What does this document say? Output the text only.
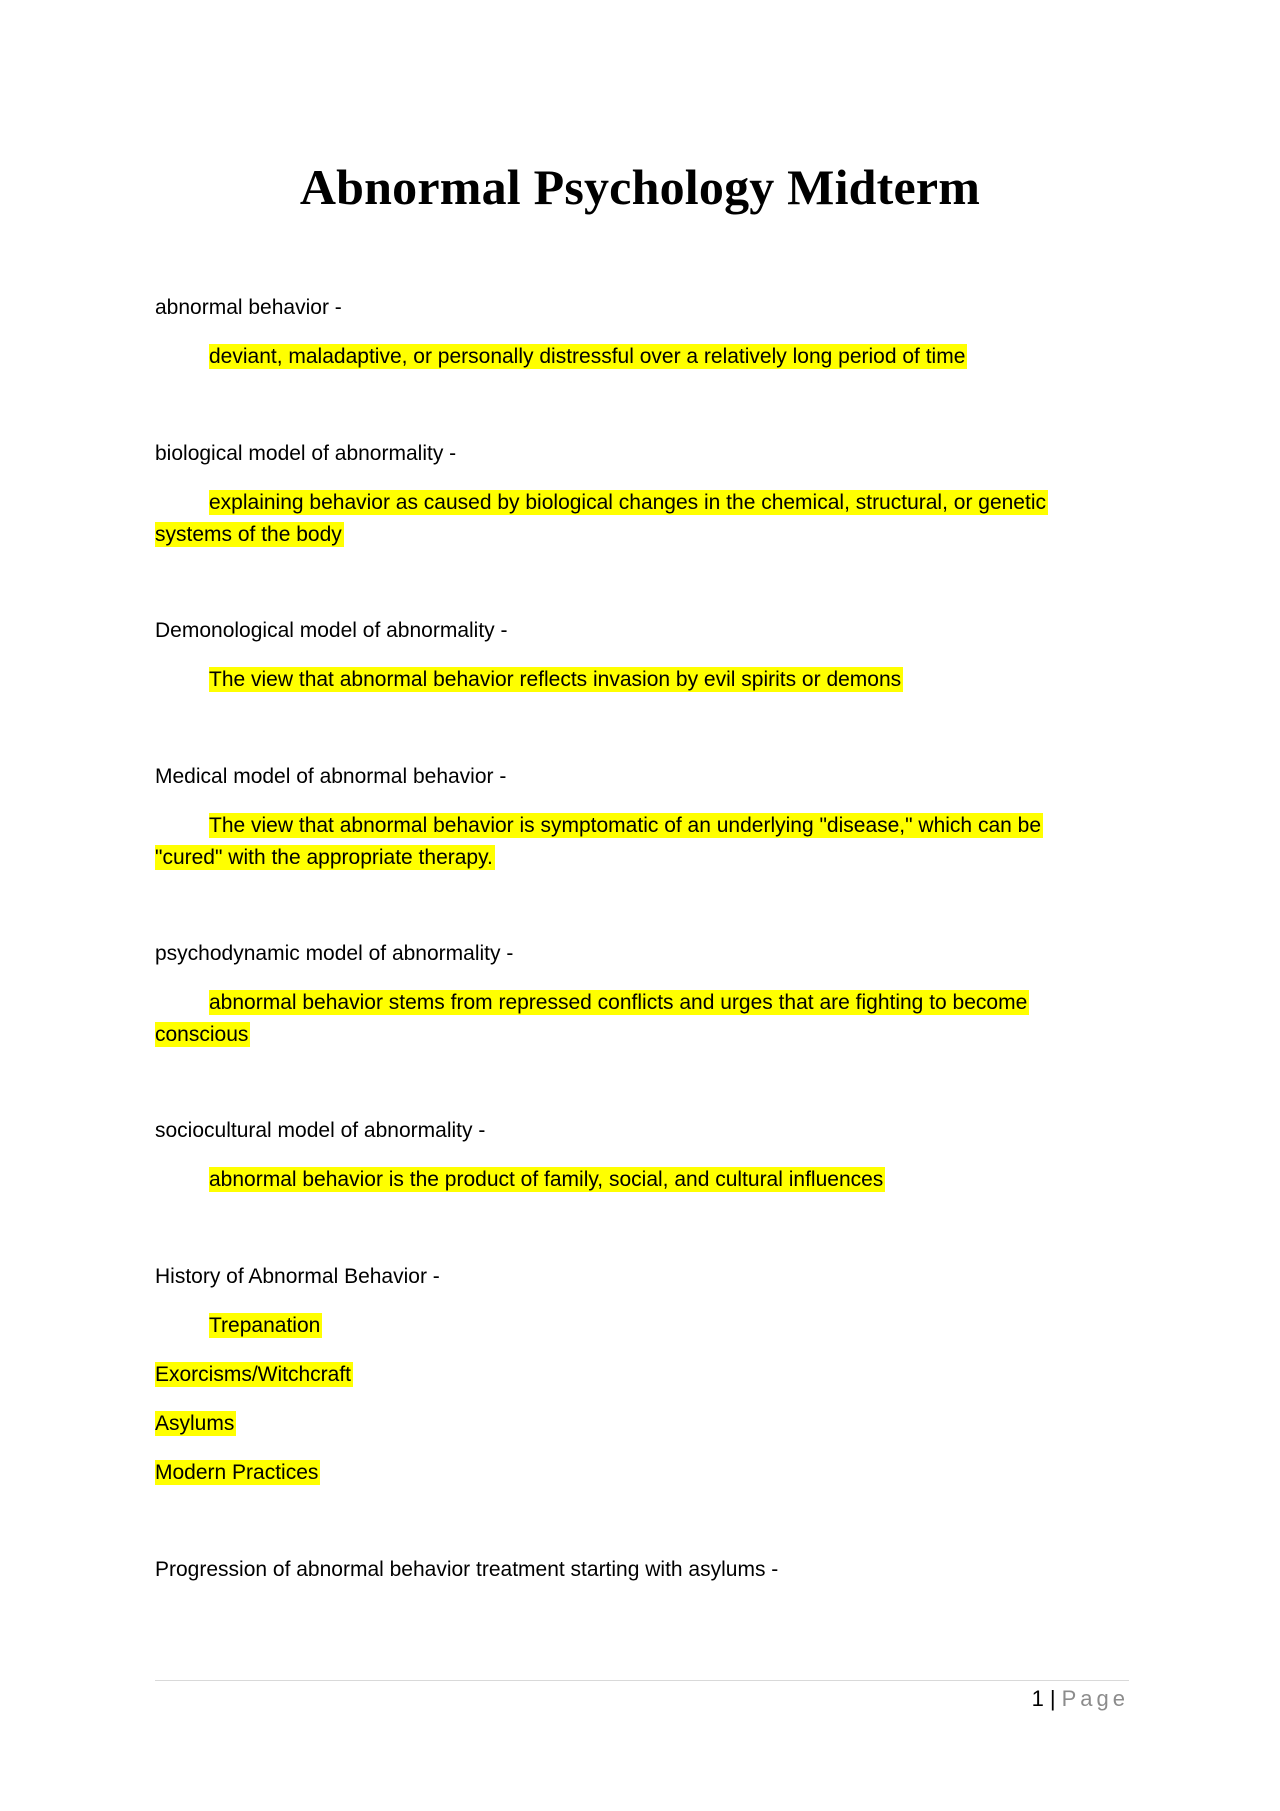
Abnormal Psychology Midterm

abnormal behavior -

deviant, maladaptive, or personally distressful over a relatively long period of time

biological model of abnormality -

explaining behavior as caused by biological changes in the chemical, structural, or genetic

systems of the body

Demonological model of abnormality -

The view that abnormal behavior reflects invasion by evil spirits or demons

Medical model of abnormal behavior -

The view that abnormal behavior is symptomatic of an underlying "disease," which can be

"cured" with the appropriate therapy.

psychodynamic model of abnormality -

abnormal behavior stems from repressed conflicts and urges that are fighting to become

conscious

sociocultural model of abnormality -

abnormal behavior is the product of family, social, and cultural influences

History of Abnormal Behavior -

Trepanation

Exorcisms/Witchcraft

Asylums

Modern Practices

Progression of abnormal behavior treatment starting with asylums -

1 | Page
